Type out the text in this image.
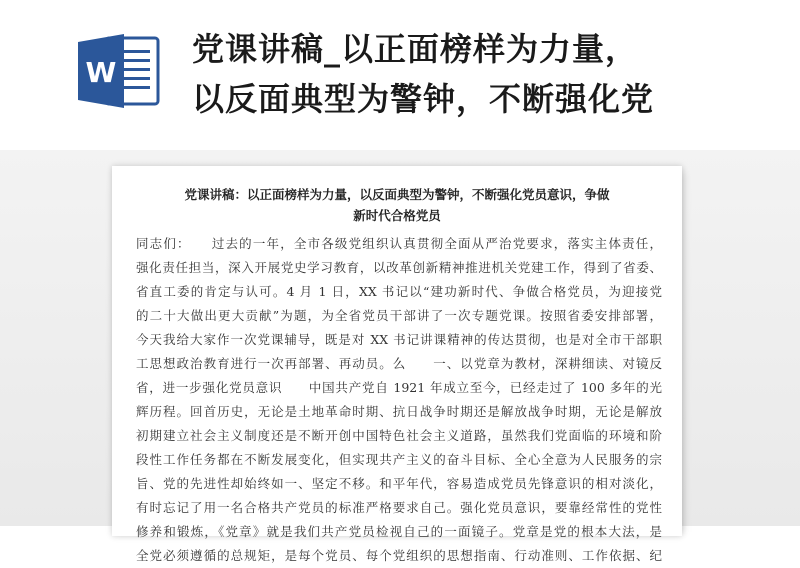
W
党课讲稿_以正面榜样为力量，
以反面典型为警钟，不断强化党
党课讲稿：以正面榜样为力量，以反面典型为警钟，不断强化党员意识，争做
新时代合格党员
同志们：　　过去的一年，全市各级党组织认真贯彻全面从严治党要求，落实主体责任，
强化责任担当，深入开展党史学习教育，以改革创新精神推进机关党建工作，得到了省委、
省直工委的肯定与认可。4 月 1 日，XX 书记以“建功新时代、争做合格党员，为迎接党
的二十大做出更大贡献”为题，为全省党员干部讲了一次专题党课。按照省委安排部署，
今天我给大家作一次党课辅导，既是对 XX 书记讲课精神的传达贯彻，也是对全市干部职
工思想政治教育进行一次再部署、再动员。么　　一、以党章为教材，深耕细读、对镜反
省，进一步强化党员意识　　中国共产党自 1921 年成立至今，已经走过了 100 多年的光
辉历程。回首历史，无论是土地革命时期、抗日战争时期还是解放战争时期，无论是解放
初期建立社会主义制度还是不断开创中国特色社会主义道路，虽然我们党面临的环境和阶
段性工作任务都在不断发展变化，但实现共产主义的奋斗目标、全心全意为人民服务的宗
旨、党的先进性却始终如一、坚定不移。和平年代，容易造成党员先锋意识的相对淡化，
有时忘记了用一名合格共产党员的标准严格要求自己。强化党员意识，要靠经常性的党性
修养和锻炼，《党章》就是我们共产党员检视自己的一面镜子。党章是党的根本大法，是
全党必须遵循的总规矩，是每个党员、每个党组织的思想指南、行动准则、工作依据、纪
